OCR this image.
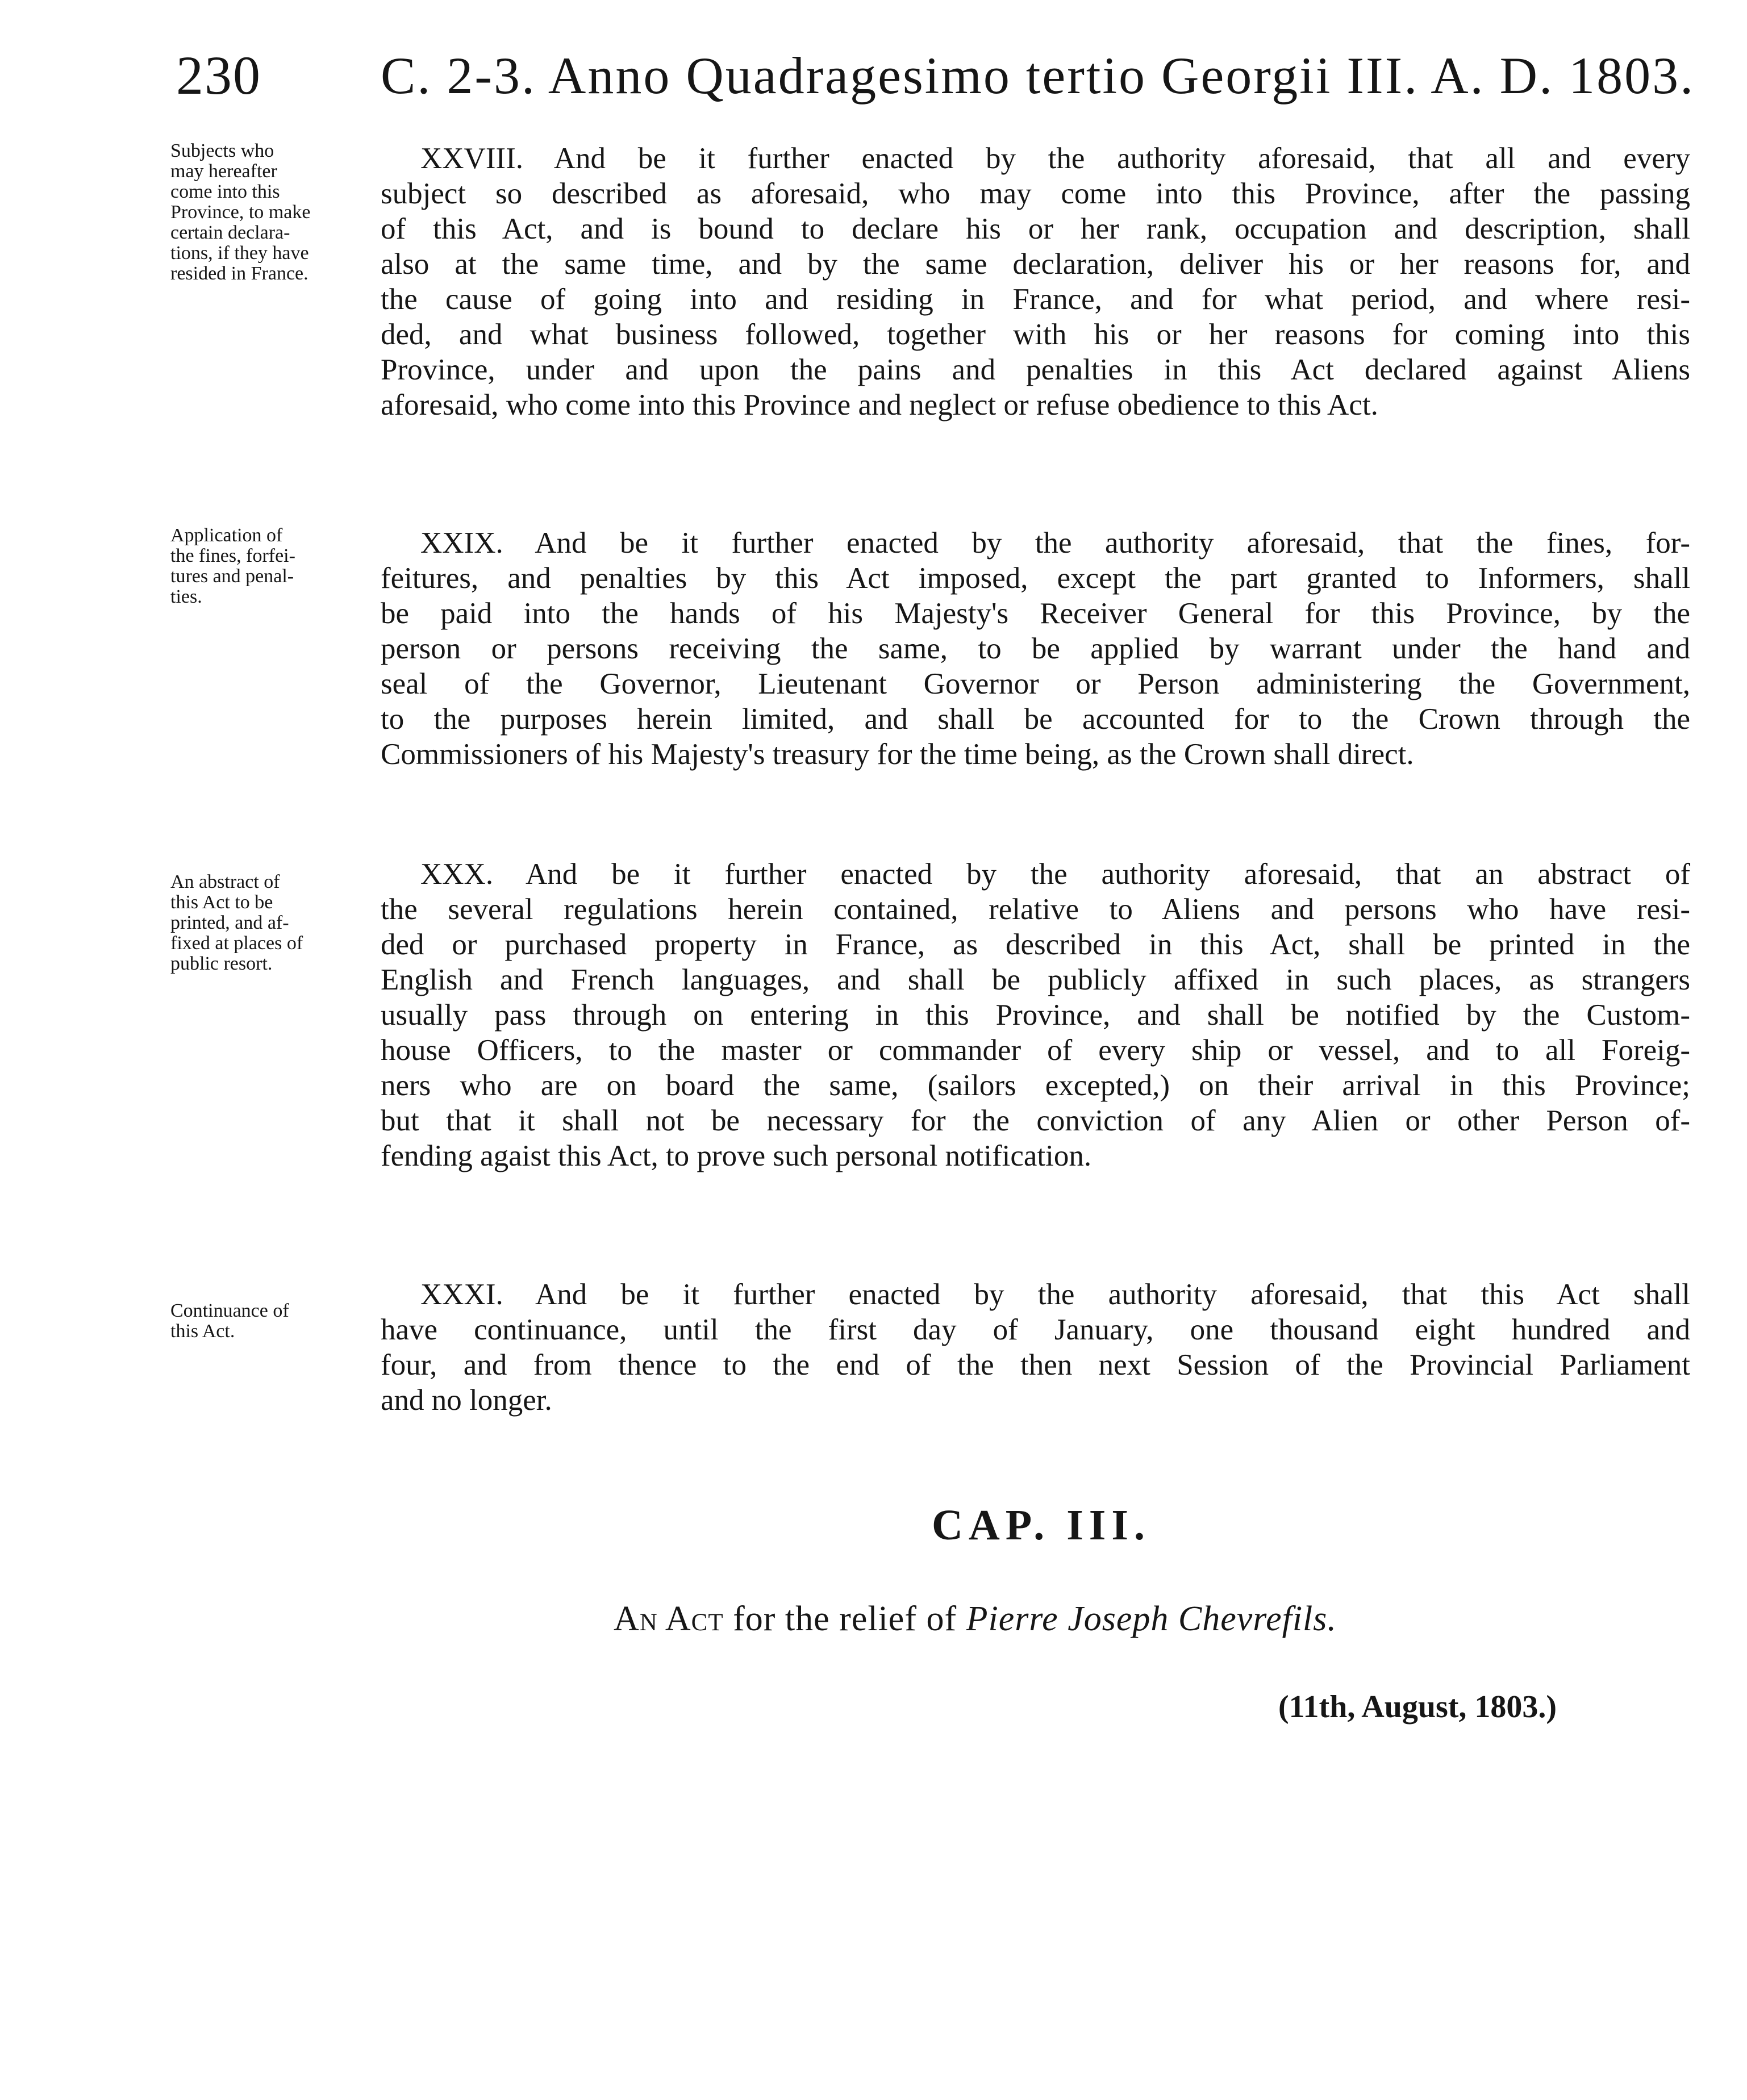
230 C. 2-3. Anno Quadragesimo tertio Georgii III. A. D. 1803.
Subjects who
may hereafter
come into this
Province, to make
certain declara-
tions, if they have
resided in France.
XXVIII. And be it further enacted by the authority aforesaid, that all and every
subject so described as aforesaid, who may come into this Province, after the passing
of this Act, and is bound to declare his or her rank, occupation and description, shall
also at the same time, and by the same declaration, deliver his or her reasons for, and
the cause of going into and residing in France, and for what period, and where resi-
ded, and what business followed, together with his or her reasons for coming into this
Province, under and upon the pains and penalties in this Act declared against Aliens
aforesaid, who come into this Province and neglect or refuse obedience to this Act.
Application of
the fines, forfei-
tures and penal-
ties.
XXIX. And be it further enacted by the authority aforesaid, that the fines, for-
feitures, and penalties by this Act imposed, except the part granted to Informers, shall
be paid into the hands of his Majesty's Receiver General for this Province, by the
person or persons receiving the same, to be applied by warrant under the hand and
seal of the Governor, Lieutenant Governor or Person administering the Government,
to the purposes herein limited, and shall be accounted for to the Crown through the
Commissioners of his Majesty's treasury for the time being, as the Crown shall direct.
An abstract of
this Act to be
printed, and af-
fixed at places of
public resort.
XXX. And be it further enacted by the authority aforesaid, that an abstract of
the several regulations herein contained, relative to Aliens and persons who have resi-
ded or purchased property in France, as described in this Act, shall be printed in the
English and French languages, and shall be publicly affixed in such places, as strangers
usually pass through on entering in this Province, and shall be notified by the Custom-
house Officers, to the master or commander of every ship or vessel, and to all Foreig-
ners who are on board the same, (sailors excepted,) on their arrival in this Province;
but that it shall not be necessary for the conviction of any Alien or other Person of-
fending agaist this Act, to prove such personal notification.
Continuance of
this Act.
XXXI. And be it further enacted by the authority aforesaid, that this Act shall
have continuance, until the first day of January, one thousand eight hundred and
four, and from thence to the end of the then next Session of the Provincial Parliament
and no longer.
CAP. III.
An Act for the relief of Pierre Joseph Chevrefils.
(11th, August, 1803.)
